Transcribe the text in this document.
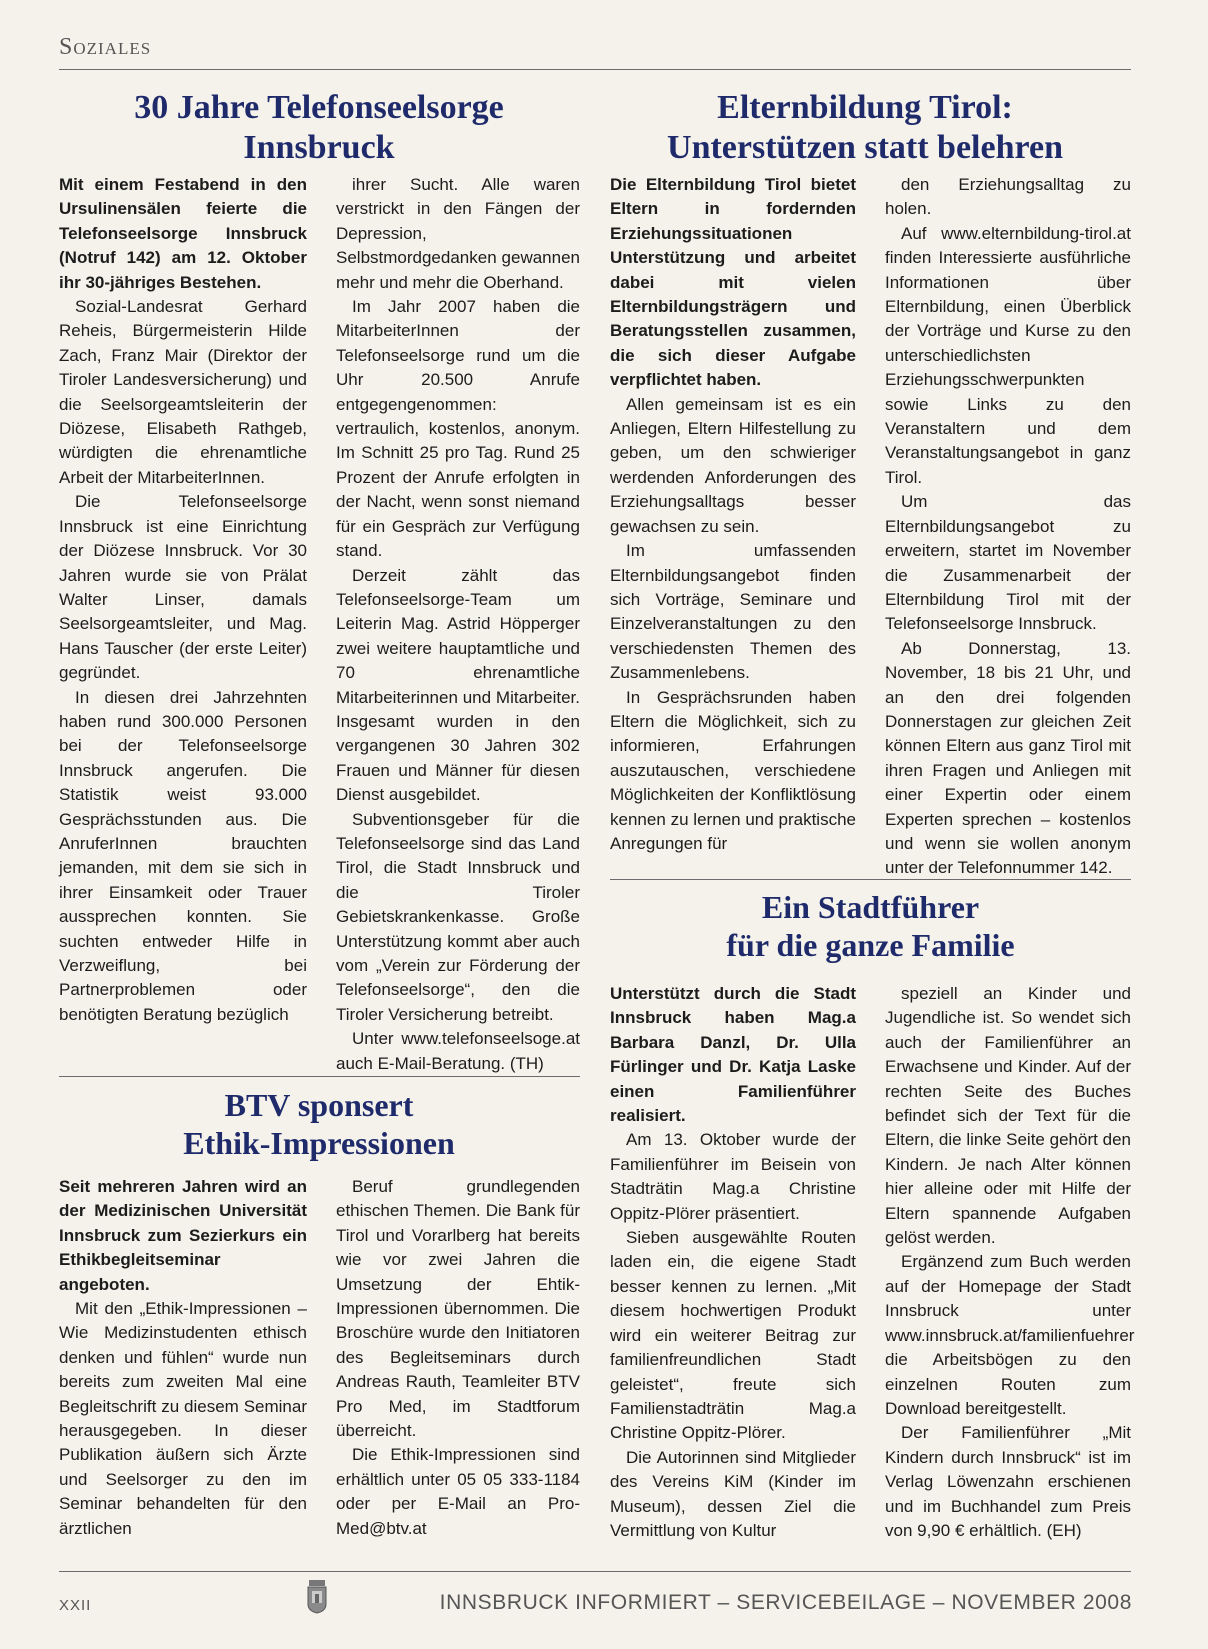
Soziales
30 Jahre Telefonseelsorge
Innsbruck

Mit einem Festabend in den Ursulinensälen feierte die Telefonseelsorge Innsbruck (Notruf 142) am 12. Oktober ihr 30-jähriges Bestehen.

Sozial-Landesrat Gerhard Reheis, Bürgermeisterin Hilde Zach, Franz Mair (Direktor der Tiroler Landesversicherung) und die Seelsorgeamtsleiterin der Diözese, Elisabeth Rathgeb, würdigten die ehrenamtliche Arbeit der MitarbeiterInnen.

Die Telefonseelsorge Innsbruck ist eine Einrichtung der Diözese Innsbruck. Vor 30 Jahren wurde sie von Prälat Walter Linser, damals Seelsorgeamtsleiter, und Mag. Hans Tauscher (der erste Leiter) gegründet.

In diesen drei Jahrzehnten haben rund 300.000 Personen bei der Telefonseelsorge Innsbruck angerufen. Die Statistik weist 93.000 Gesprächsstunden aus. Die AnruferInnen brauchten jemanden, mit dem sie sich in ihrer Einsamkeit oder Trauer aussprechen konnten. Sie suchten entweder Hilfe in Verzweiflung, bei Partnerproblemen oder benötigten Beratung bezüglich

ihrer Sucht. Alle waren verstrickt in den Fängen der Depression, Selbstmordgedanken gewannen mehr und mehr die Oberhand.

Im Jahr 2007 haben die MitarbeiterInnen der Telefonseelsorge rund um die Uhr 20.500 Anrufe entgegengenommen: vertraulich, kostenlos, anonym. Im Schnitt 25 pro Tag. Rund 25 Prozent der Anrufe erfolgten in der Nacht, wenn sonst niemand für ein Gespräch zur Verfügung stand.

Derzeit zählt das Telefonseelsorge-Team um Leiterin Mag. Astrid Höpperger zwei weitere hauptamtliche und 70 ehrenamtliche Mitarbeiterinnen und Mitarbeiter. Insgesamt wurden in den vergangenen 30 Jahren 302 Frauen und Männer für diesen Dienst ausgebildet.

Subventionsgeber für die Telefonseelsorge sind das Land Tirol, die Stadt Innsbruck und die Tiroler Gebietskrankenkasse. Große Unterstützung kommt aber auch vom „Verein zur Förderung der Telefonseelsorge“, den die Tiroler Versicherung betreibt.

Unter www.telefonseelsoge.at auch E-Mail-Beratung. (TH)

Elternbildung Tirol:
Unterstützen statt belehren

Die Elternbildung Tirol bietet Eltern in fordernden Erziehungssituationen Unterstützung und arbeitet dabei mit vielen Elternbildungsträgern und Beratungsstellen zusammen, die sich dieser Aufgabe verpflichtet haben.

Allen gemeinsam ist es ein Anliegen, Eltern Hilfestellung zu geben, um den schwieriger werdenden Anforderungen des Erziehungsalltags besser gewachsen zu sein.

Im umfassenden Elternbildungsangebot finden sich Vorträge, Seminare und Einzelveranstaltungen zu den verschiedensten Themen des Zusammenlebens.

In Gesprächsrunden haben Eltern die Möglichkeit, sich zu informieren, Erfahrungen auszutauschen, verschiedene Möglichkeiten der Konfliktlösung kennen zu lernen und praktische Anregungen für

den Erziehungsalltag zu holen.

Auf www.elternbildung-tirol.at finden Interessierte ausführliche Informationen über Elternbildung, einen Überblick der Vorträge und Kurse zu den unterschiedlichsten Erziehungsschwerpunkten sowie Links zu den Veranstaltern und dem Veranstaltungsangebot in ganz Tirol.

Um das Elternbildungsangebot zu erweitern, startet im November die Zusammenarbeit der Elternbildung Tirol mit der Telefonseelsorge Innsbruck.

Ab Donnerstag, 13. November, 18 bis 21 Uhr, und an den drei folgenden Donnerstagen zur gleichen Zeit können Eltern aus ganz Tirol mit ihren Fragen und Anliegen mit einer Expertin oder einem Experten sprechen – kostenlos und wenn sie wollen anonym unter der Telefonnummer 142.

BTV sponsert
Ethik-Impressionen

Seit mehreren Jahren wird an der Medizinischen Universität Innsbruck zum Sezierkurs ein Ethikbegleitseminar angeboten.

Mit den „Ethik-Impressionen – Wie Medizinstudenten ethisch denken und fühlen“ wurde nun bereits zum zweiten Mal eine Begleitschrift zu diesem Seminar herausgegeben. In dieser Publikation äußern sich Ärzte und Seelsorger zu den im Seminar behandelten für den ärztlichen

Beruf grundlegenden ethischen Themen. Die Bank für Tirol und Vorarlberg hat bereits wie vor zwei Jahren die Umsetzung der Ehtik-Impressionen übernommen. Die Broschüre wurde den Initiatoren des Begleitseminars durch Andreas Rauth, Teamleiter BTV Pro Med, im Stadtforum überreicht.

Die Ethik-Impressionen sind erhältlich unter 05 05 333-1184 oder per E-Mail an Pro-Med@btv.at

Ein Stadtführer
für die ganze Familie

Unterstützt durch die Stadt Innsbruck haben Mag.a Barbara Danzl, Dr. Ulla Fürlinger und Dr. Katja Laske einen Familienführer realisiert.

Am 13. Oktober wurde der Familienführer im Beisein von Stadträtin Mag.a Christine Oppitz-Plörer präsentiert.

Sieben ausgewählte Routen laden ein, die eigene Stadt besser kennen zu lernen. „Mit diesem hochwertigen Produkt wird ein weiterer Beitrag zur familienfreundlichen Stadt geleistet“, freute sich Familienstadträtin Mag.a Christine Oppitz-Plörer.

Die Autorinnen sind Mitglieder des Vereins KiM (Kinder im Museum), dessen Ziel die Vermittlung von Kultur

speziell an Kinder und Jugendliche ist. So wendet sich auch der Familienführer an Erwachsene und Kinder. Auf der rechten Seite des Buches befindet sich der Text für die Eltern, die linke Seite gehört den Kindern. Je nach Alter können hier alleine oder mit Hilfe der Eltern spannende Aufgaben gelöst werden.

Ergänzend zum Buch werden auf der Homepage der Stadt Innsbruck unter www.innsbruck.at/familienfuehrer die Arbeitsbögen zu den einzelnen Routen zum Download bereitgestellt.

Der Familienführer „Mit Kindern durch Innsbruck“ ist im Verlag Löwenzahn erschienen und im Buchhandel zum Preis von 9,90 € erhältlich. (EH)

XXII	INNSBRUCK INFORMIERT – SERVICEBEILAGE – NOVEMBER 2008
